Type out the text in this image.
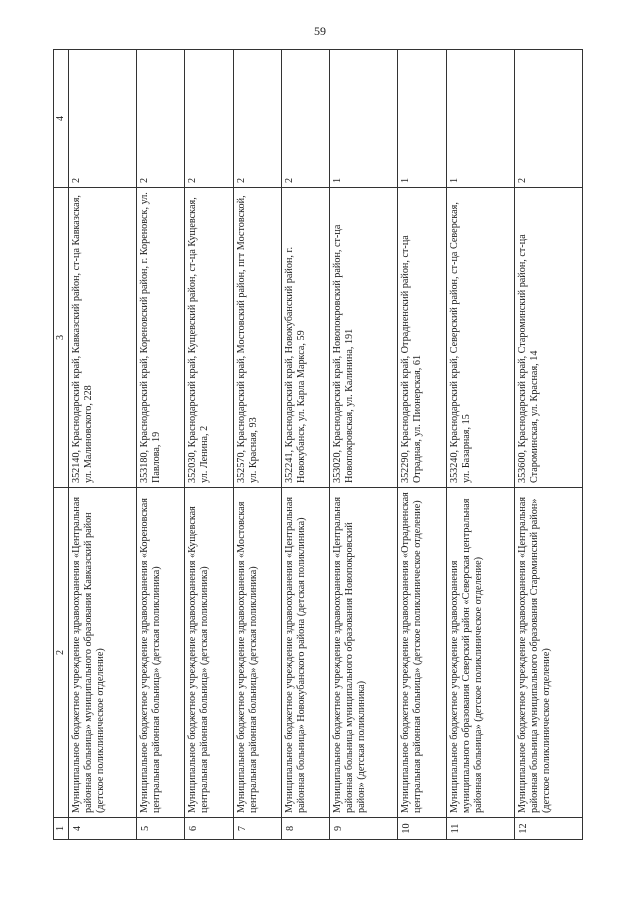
59
1	2	3	4
4	Муниципальное бюджетное учреждение здравоохранения «Центральная районная больница» муниципального образования Кавказский район (детское поликлиническое отделение)	352140, Краснодарский край, Кавказский район, ст-ца Кавказская, ул. Малиновского, 228	2
5	Муниципальное бюджетное учреждение здравоохранения «Кореновская центральная районная больница» (детская поликлиника)	353180, Краснодарский край, Кореновский район, г. Кореновск, ул. Павлова, 19	2
6	Муниципальное бюджетное учреждение здравоохранения «Кущевская центральная районная больница» (детская поликлиника)	352030, Краснодарский край, Кущевский район, ст-ца Кущевская, ул. Ленина, 2	2
7	Муниципальное бюджетное учреждение здравоохранения «Мостовская центральная районная больница» (детская поликлиника)	352570, Краснодарский край, Мостовский район, пгт Мостовской, ул. Красная, 93	2
8	Муниципальное бюджетное учреждение здравоохранения «Центральная районная больница» Новокубанского района (детская поликлиника)	352241, Краснодарский край, Новокубанский район, г. Новокубанск, ул. Карла Маркса, 59	2
9	Муниципальное бюджетное учреждение здравоохранения «Центральная районная больница муниципального образования Новопокровский район» (детская поликлиника)	353020, Краснодарский край, Новопокровский район, ст-ца Новопокровская, ул. Калинина, 191	1
10	Муниципальное бюджетное учреждение здравоохранения «Отрадненская центральная районная больница» (детское поликлиническое отделение)	352290, Краснодарский край, Отрадненский район, ст-ца Отрадная, ул. Пионерская, 61	1
11	Муниципальное бюджетное учреждение здравоохранения муниципального образования Северский район «Северская центральная районная больница» (детское поликлиническое отделение)	353240, Краснодарский край, Северский район, ст-ца Северская, ул. Базарная, 15	1
12	Муниципальное бюджетное учреждение здравоохранения «Центральная районная больница муниципального образования Староминский район» (детское поликлиническое отделение)	353600, Краснодарский край, Староминский район, ст-ца Староминская, ул. Красная, 14	2
